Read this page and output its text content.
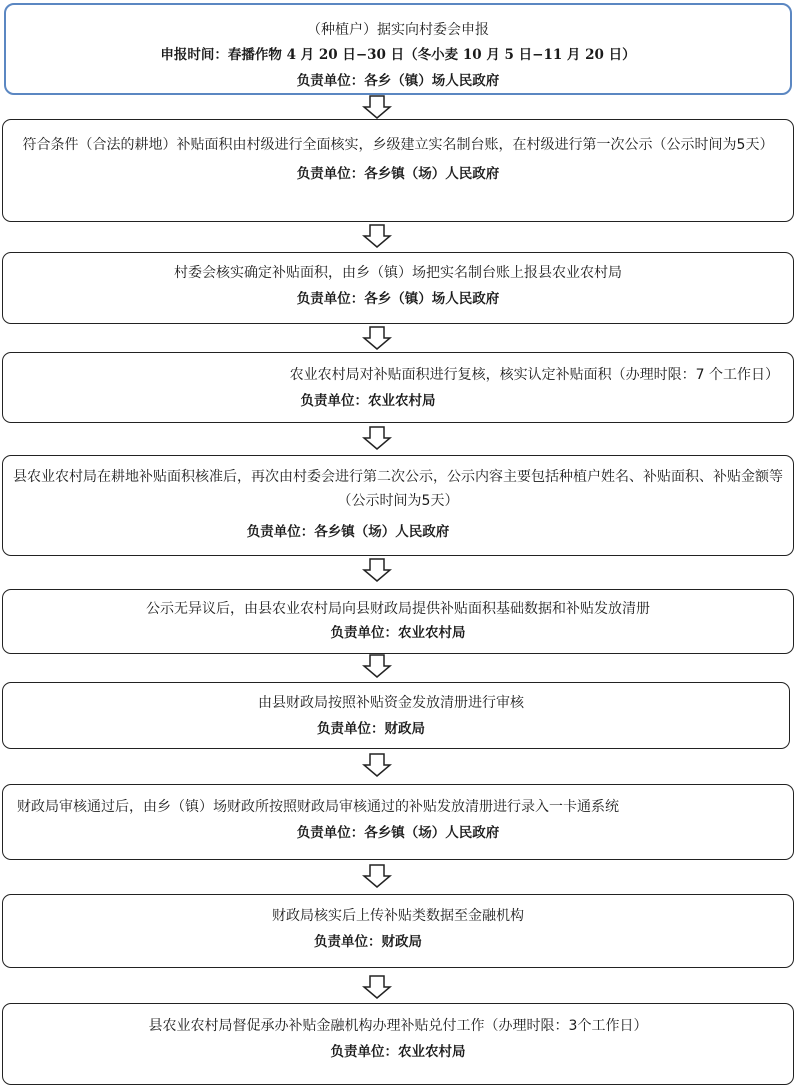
（种植户）据实向村委会申报

申报时间：春播作物 4 月 20 日−30 日（冬小麦 10 月 5 日−11 月 20 日）

负责单位：各乡（镇）场人民政府

符合条件（合法的耕地）补贴面积由村级进行全面核实，乡级建立实名制台账，在村级进行第一次公示（公示时间为5天）

负责单位：各乡镇（场）人民政府

村委会核实确定补贴面积，由乡（镇）场把实名制台账上报县农业农村局

负责单位：各乡（镇）场人民政府

农业农村局对补贴面积进行复核，核实认定补贴面积（办理时限：7 个工作日）

负责单位：农业农村局

县农业农村局在耕地补贴面积核准后，再次由村委会进行第二次公示，公示内容主要包括种植户姓名、补贴面积、补贴金额等（公示时间为5天）

负责单位：各乡镇（场）人民政府

公示无异议后，由县农业农村局向县财政局提供补贴面积基础数据和补贴发放清册

负责单位：农业农村局

由县财政局按照补贴资金发放清册进行审核

负责单位：财政局

财政局审核通过后，由乡（镇）场财政所按照财政局审核通过的补贴发放清册进行录入一卡通系统

负责单位：各乡镇（场）人民政府

财政局核实后上传补贴类数据至金融机构

负责单位：财政局

县农业农村局督促承办补贴金融机构办理补贴兑付工作（办理时限：3个工作日）

负责单位：农业农村局
